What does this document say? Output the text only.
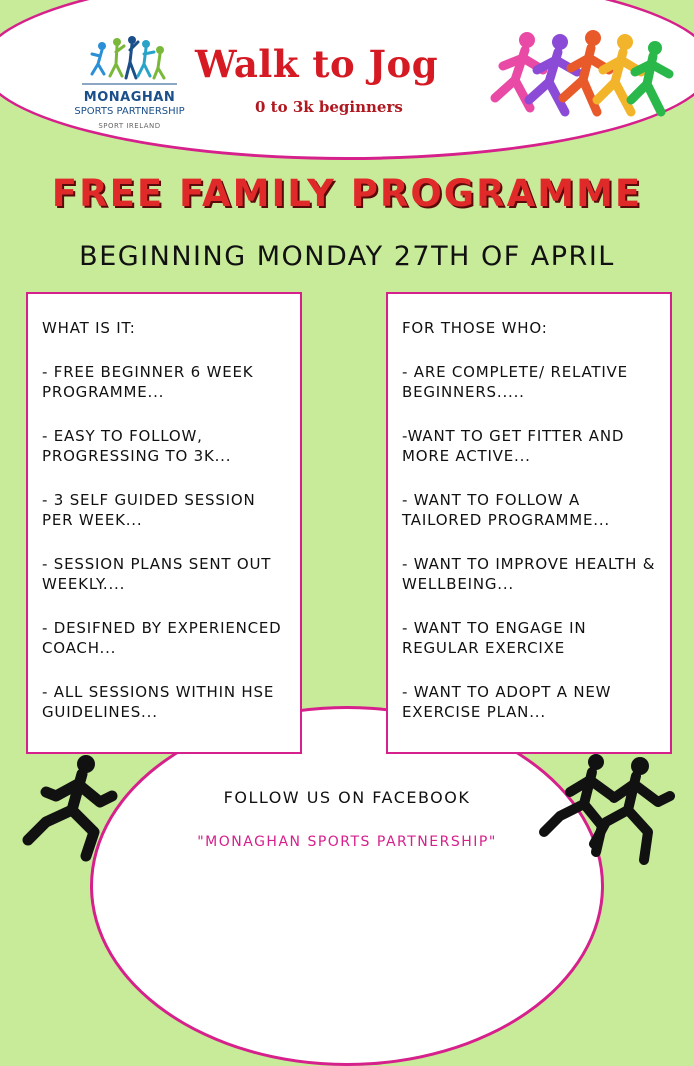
MONAGHAN
SPORTS PARTNERSHIP
SPORT IRELAND
Walk to Jog
0 to 3k beginners
FREE FAMILY PROGRAMME
BEGINNING MONDAY 27TH OF APRIL

WHAT IS IT:

- FREE BEGINNER 6 WEEK PROGRAMME...

- EASY TO FOLLOW, PROGRESSING TO 3K...

- 3 SELF GUIDED SESSION PER WEEK...

- SESSION PLANS SENT OUT WEEKLY....

- DESIFNED BY EXPERIENCED COACH...

- ALL SESSIONS WITHIN HSE GUIDELINES...

FOR THOSE WHO:

- ARE COMPLETE/ RELATIVE BEGINNERS.....

-WANT TO GET FITTER AND MORE ACTIVE...

- WANT TO FOLLOW A TAILORED PROGRAMME...

- WANT TO IMPROVE HEALTH & WELLBEING...

- WANT TO ENGAGE IN REGULAR EXERCIXE

- WANT TO ADOPT A NEW EXERCISE PLAN...

FOLLOW US ON FACEBOOK
"MONAGHAN SPORTS PARTNERSHIP"
